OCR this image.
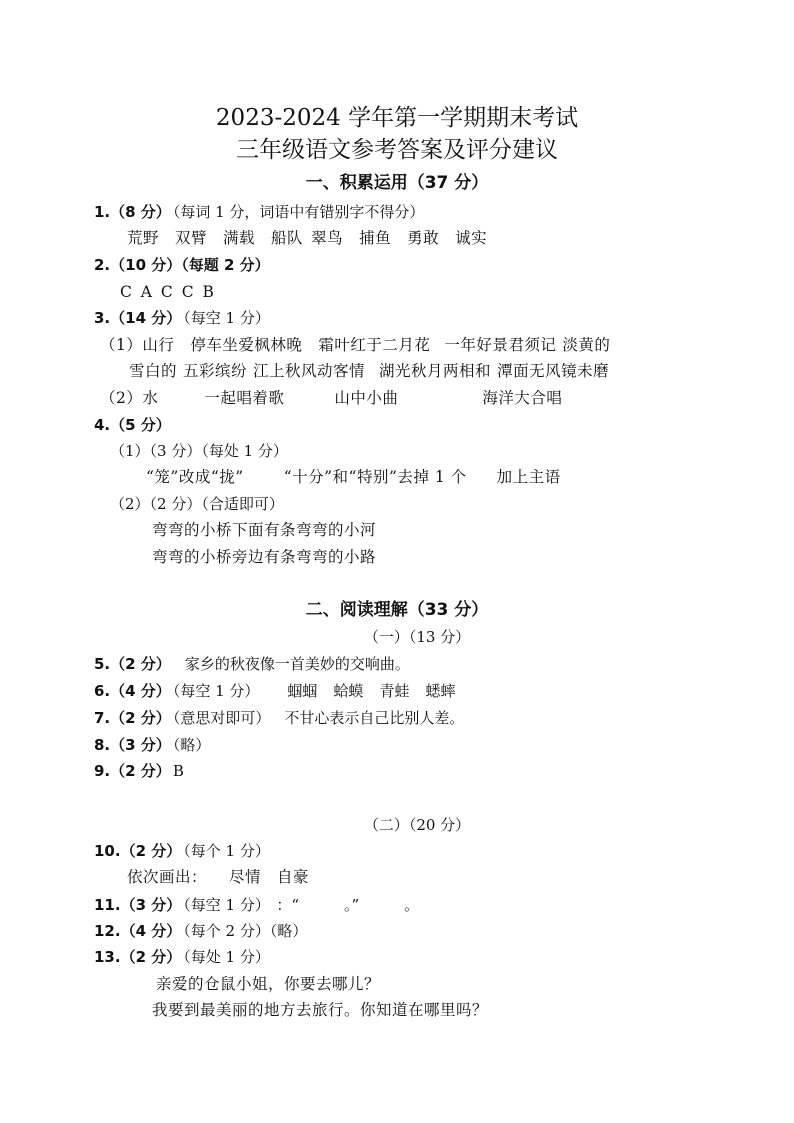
2023-2024 学年第一学期期末考试
三年级语文参考答案及评分建议
一、积累运用（37 分）
1.（8 分） （每词 1 分，词语中有错别字不得分）
荒野 双臂 满载 船队 翠鸟 捕鱼 勇敢 诚实
2.（10 分）（每题 2 分）
C A C C B
3.（14 分） （每空 1 分）
（1）山行 停车坐爱枫林晚 霜叶红于二月花 一年好景君须记 淡黄的
雪白的 五彩缤纷 江上秋风动客情 湖光秋月两相和 潭面无风镜未磨
（2）水	一起唱着歌	山中小曲	海洋大合唱
4.（5 分）
（1）（3 分）（每处 1 分）
“笼”改成“拢”	“十分”和“特别”去掉 1 个 加上主语
（2）（2 分）（合适即可）
弯弯的小桥下面有条弯弯的小河
弯弯的小桥旁边有条弯弯的小路
二、阅读理解（33 分）
（一）（13 分）
5.（2 分） 家乡的秋夜像一首美妙的交响曲。
6.（4 分） （每空 1 分） 蝈蝈 蛤蟆 青蛙 蟋蟀
7.（2 分） （意思对即可） 不甘心表示自己比别人差。
8.（3 分） （略）
9.（2 分） B
（二）（20 分）
10.（2 分） （每个 1 分）
依次画出： 尽情 自豪
11.（3 分） （每空 1 分） ：“　　　。”　　　。
12.（4 分） （每个 2 分）（略）
13.（2 分） （每处 1 分）
亲爱的仓鼠小姐，你要去哪儿？
我要到最美丽的地方去旅行。你知道在哪里吗？
